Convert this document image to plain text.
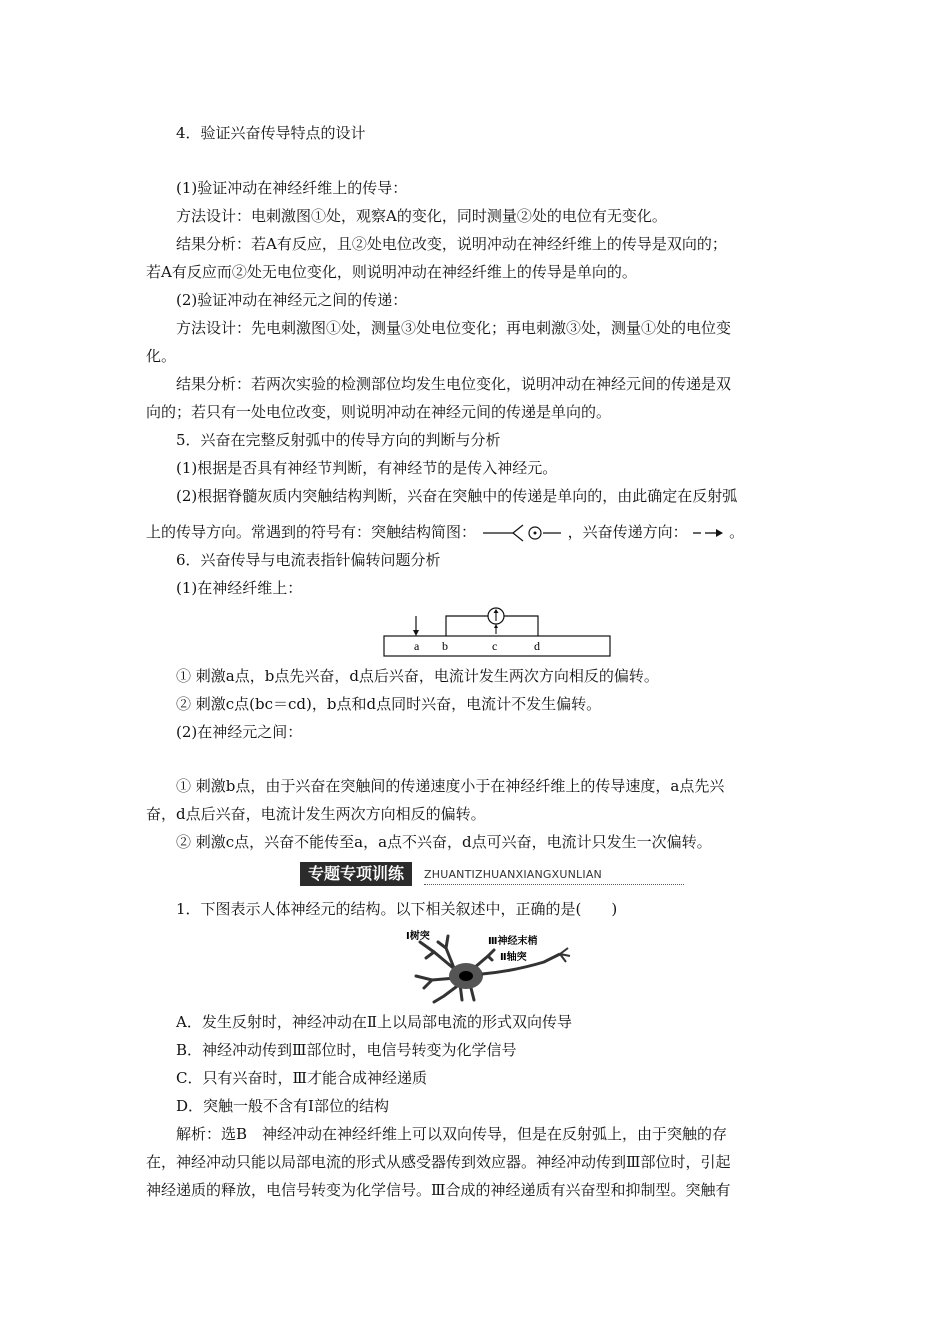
4．验证兴奋传导特点的设计
(1)验证冲动在神经纤维上的传导：
方法设计：电刺激图①处，观察A的变化，同时测量②处的电位有无变化。
结果分析：若A有反应，且②处电位改变，说明冲动在神经纤维上的传导是双向的；
若A有反应而②处无电位变化，则说明冲动在神经纤维上的传导是单向的。
(2)验证冲动在神经元之间的传递：
方法设计：先电刺激图①处，测量③处电位变化；再电刺激③处，测量①处的电位变
化。
结果分析：若两次实验的检测部位均发生电位变化，说明冲动在神经元间的传递是双
向的；若只有一处电位改变，则说明冲动在神经元间的传递是单向的。
5．兴奋在完整反射弧中的传导方向的判断与分析
(1)根据是否具有神经节判断，有神经节的是传入神经元。
(2)根据脊髓灰质内突触结构判断，兴奋在突触中的传递是单向的，由此确定在反射弧
上的传导方向。常遇到的符号有：突触结构简图：	，兴奋传递方向：	。
6．兴奋传导与电流表指针偏转问题分析
(1)在神经纤维上：
a b	c	d
① 刺激a点，b点先兴奋，d点后兴奋，电流计发生两次方向相反的偏转。
② 刺激c点(bc＝cd)，b点和d点同时兴奋，电流计不发生偏转。
(2)在神经元之间：
① 刺激b点，由于兴奋在突触间的传递速度小于在神经纤维上的传导速度，a点先兴
奋，d点后兴奋，电流计发生两次方向相反的偏转。
② 刺激c点，兴奋不能传至a，a点不兴奋，d点可兴奋，电流计只发生一次偏转。
专题专项训练	ZHUANTIZHUANXIANGXUNLIAN
1．下图表示人体神经元的结构。以下相关叙述中，正确的是(　　)
Ⅰ树突	Ⅲ神经末梢
Ⅱ轴突
A．发生反射时，神经冲动在Ⅱ上以局部电流的形式双向传导
B．神经冲动传到Ⅲ部位时，电信号转变为化学信号
C．只有兴奋时，Ⅲ才能合成神经递质
D．突触一般不含有Ⅰ部位的结构
解析：选B　神经冲动在神经纤维上可以双向传导，但是在反射弧上，由于突触的存
在，神经冲动只能以局部电流的形式从感受器传到效应器。神经冲动传到Ⅲ部位时，引起
神经递质的释放，电信号转变为化学信号。Ⅲ合成的神经递质有兴奋型和抑制型。突触有
